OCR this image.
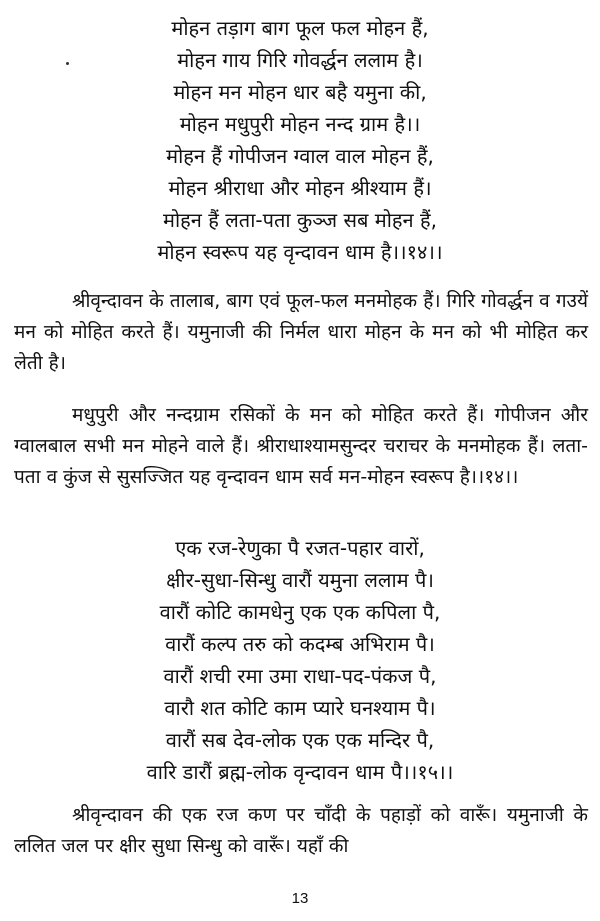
मोहन तड़ाग बाग फूल फल मोहन हैं,
मोहन गाय गिरि गोवर्द्धन ललाम है।
मोहन मन मोहन धार बहै यमुना की,
मोहन मधुपुरी मोहन नन्द ग्राम है।।
मोहन हैं गोपीजन ग्वाल वाल मोहन हैं,
मोहन श्रीराधा और मोहन श्रीश्याम हैं।
मोहन हैं लता-पता कुञ्ज सब मोहन हैं,
मोहन स्वरूप यह वृन्दावन धाम है।।१४।।
श्रीवृन्दावन के तालाब, बाग एवं फूल-फल मनमोहक हैं। गिरि गोवर्द्धन व गउयें मन को मोहित करते हैं। यमुनाजी की निर्मल धारा मोहन के मन को भी मोहित कर लेती है।
मधुपुरी और नन्दग्राम रसिकों के मन को मोहित करते हैं। गोपीजन और ग्वालबाल सभी मन मोहने वाले हैं। श्रीराधाश्यामसुन्दर चराचर के मनमोहक हैं। लता-पता व कुंज से सुसज्जित यह वृन्दावन धाम सर्व मन-मोहन स्वरूप है।।१४।।
एक रज-रेणुका पै रजत-पहार वारों,
क्षीर-सुधा-सिन्धु वारौं यमुना ललाम पै।
वारौं कोटि कामधेनु एक एक कपिला पै,
वारौं कल्प तरु को कदम्ब अभिराम पै।
वारौं शची रमा उमा राधा-पद-पंकज पै,
वारौ शत कोटि काम प्यारे घनश्याम पै।
वारौं सब देव-लोक एक एक मन्दिर पै,
वारि डारौं ब्रह्म-लोक वृन्दावन धाम पै।।१५।।
श्रीवृन्दावन की एक रज कण पर चाँदी के पहाड़ों को वारूँ। यमुनाजी के ललित जल पर क्षीर सुधा सिन्धु को वारूँ। यहाँ की
13
